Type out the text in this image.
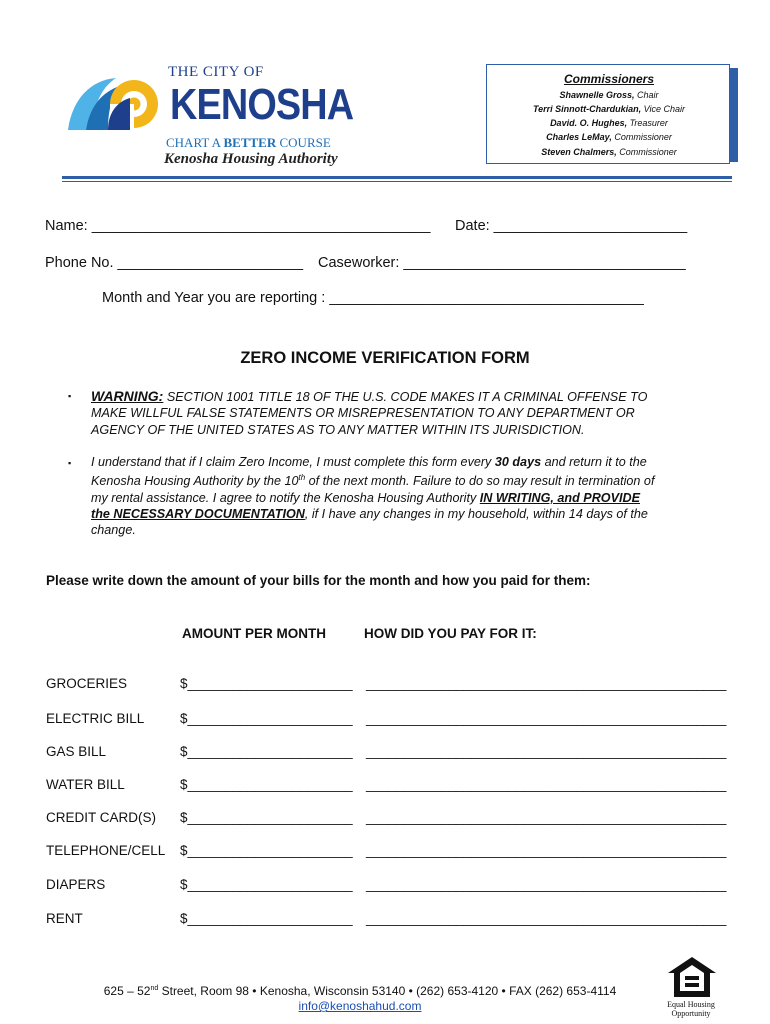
THE CITY OF
KENOSHA
CHART A BETTER COURSE
Kenosha Housing Authority
Commissioners
Shawnelle Gross, Chair
Terri Sinnott-Chardukian, Vice Chair
David. O. Hughes, Treasurer
Charles LeMay, Commissioner
Steven Chalmers, Commissioner
Name: __________________________________________ Date: ________________________
Phone No. _______________________ Caseworker: ___________________________________
Month and Year you are reporting : _______________________________________
ZERO INCOME VERIFICATION FORM
▪ WARNING: SECTION 1001 TITLE 18 OF THE U.S. CODE MAKES IT A CRIMINAL OFFENSE TO
MAKE WILLFUL FALSE STATEMENTS OR MISREPRESENTATION TO ANY DEPARTMENT OR
AGENCY OF THE UNITED STATES AS TO ANY MATTER WITHIN ITS JURISDICTION.
▪ I understand that if I claim Zero Income, I must complete this form every 30 days and return it to the
Kenosha Housing Authority by the 10th of the next month. Failure to do so may result in termination of
my rental assistance. I agree to notify the Kenosha Housing Authority IN WRITING, and PROVIDE
the NECESSARY DOCUMENTATION, if I have any changes in my household, within 14 days of the
change.
Please write down the amount of your bills for the month and how you paid for them:
AMOUNT PER MONTH	HOW DID YOU PAY FOR IT:
GROCERIES	$______________________ ________________________________________________
ELECTRIC BILL	$______________________ ________________________________________________
GAS BILL	$______________________ ________________________________________________
WATER BILL	$______________________ ________________________________________________
CREDIT CARD(S) $______________________ ________________________________________________
TELEPHONE/CELL $______________________ ________________________________________________
DIAPERS	$______________________ ________________________________________________
RENT	$______________________ ________________________________________________
625 – 52nd Street, Room 98 • Kenosha, Wisconsin 53140 • (262) 653-4120 • FAX (262) 653-4114
info@kenoshahud.com	Equal Housing
Opportunity
